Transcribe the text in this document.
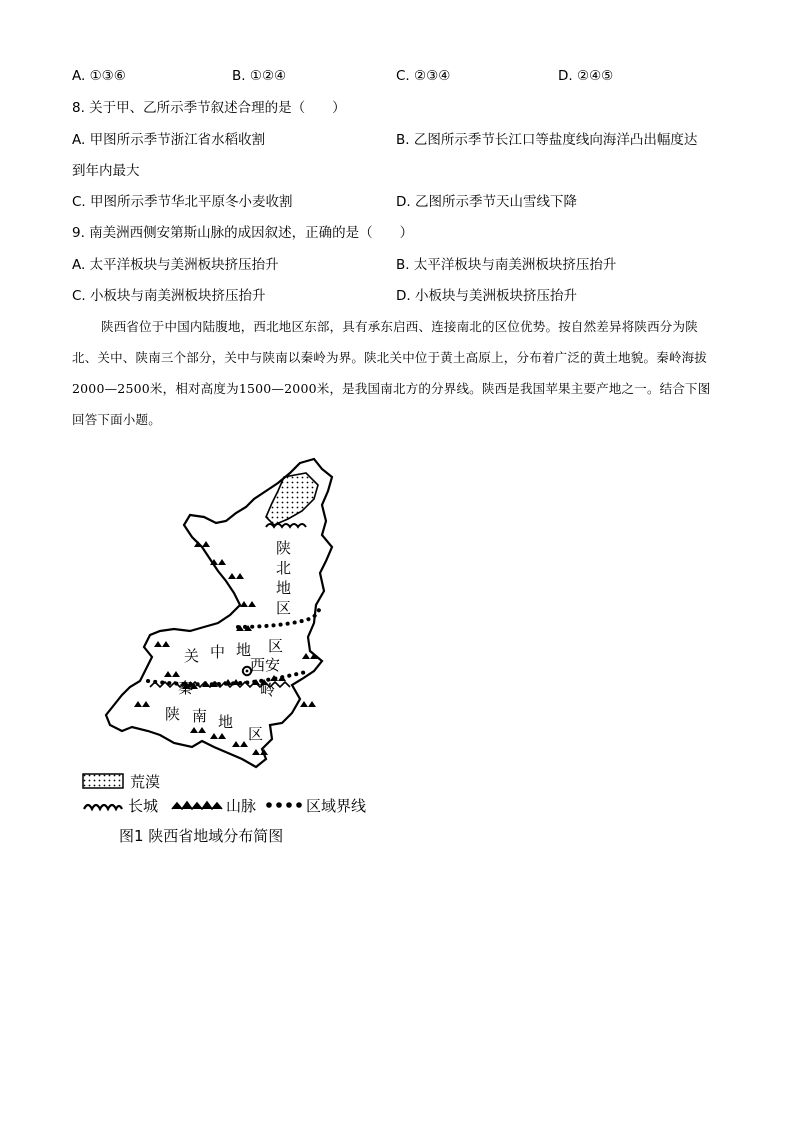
A. ①③⑥	B. ①②④	C. ②③④	D. ②④⑤
8. 关于甲、乙所示季节叙述合理的是（　　）
A. 甲图所示季节浙江省水稻收割	B. 乙图所示季节长江口等盐度线向海洋凸出幅度达
到年内最大
C. 甲图所示季节华北平原冬小麦收割	D. 乙图所示季节天山雪线下降
9. 南美洲西侧安第斯山脉的成因叙述，正确的是（　　）
A. 太平洋板块与美洲板块挤压抬升	B. 太平洋板块与南美洲板块挤压抬升
C. 小板块与南美洲板块挤压抬升	D. 小板块与美洲板块挤压抬升
陕西省位于中国内陆腹地，西北地区东部，具有承东启西、连接南北的区位优势。按自然差异将陕西分为陕北、关中、陕南三个部分，关中与陕南以秦岭为界。陕北关中位于黄土高原上，分布着广泛的黄土地貌。秦岭海拔2000—2500米，相对高度为1500—2000米，是我国南北方的分界线。陕西是我国苹果主要产地之一。结合下图回答下面小题。
陕
北
地
区
关 中 地 区
西安
秦	岭
陕 南 地
区
荒漠
长城	山脉	区域界线
图1 陕西省地域分布简图
